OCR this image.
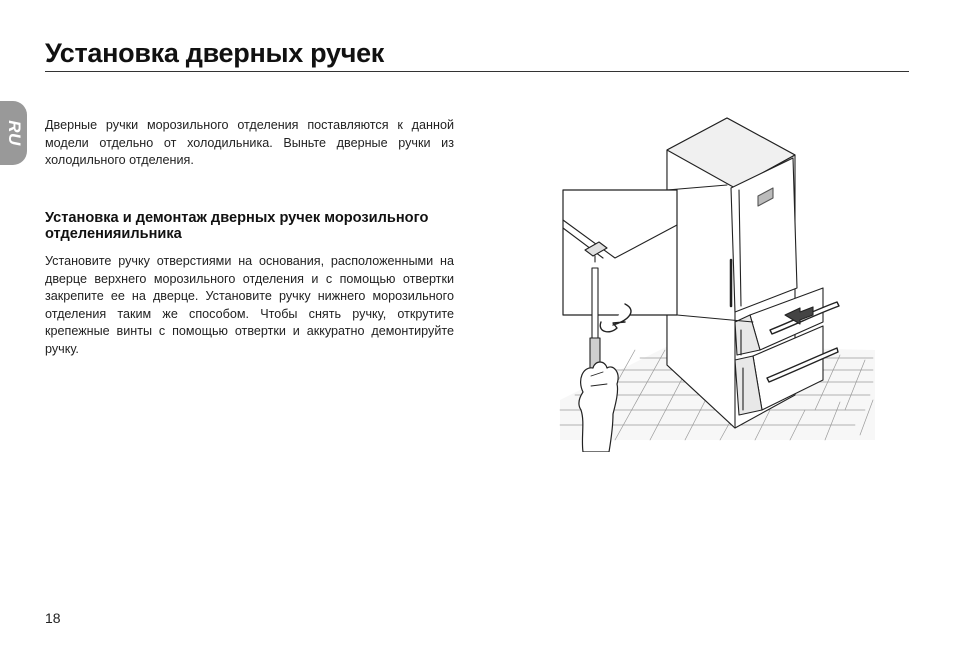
Установка дверных ручек
RU Дверные ручки морозильного отделения поставляются к данной модели отдельно от холодильника. Выньте дверные ручки из холодильного отделения.

Установка и демонтаж дверных ручек морозильного отделенияильника

Установите ручку отверстиями на основания, расположенными на дверце верхнего морозильного отделения и с помощью отвертки закрепите ее на дверце. Установите ручку нижнего морозильного отделения таким же способом. Чтобы снять ручку, открутите крепежные винты с помощью отвертки и аккуратно демонтируйте ручку.

18
